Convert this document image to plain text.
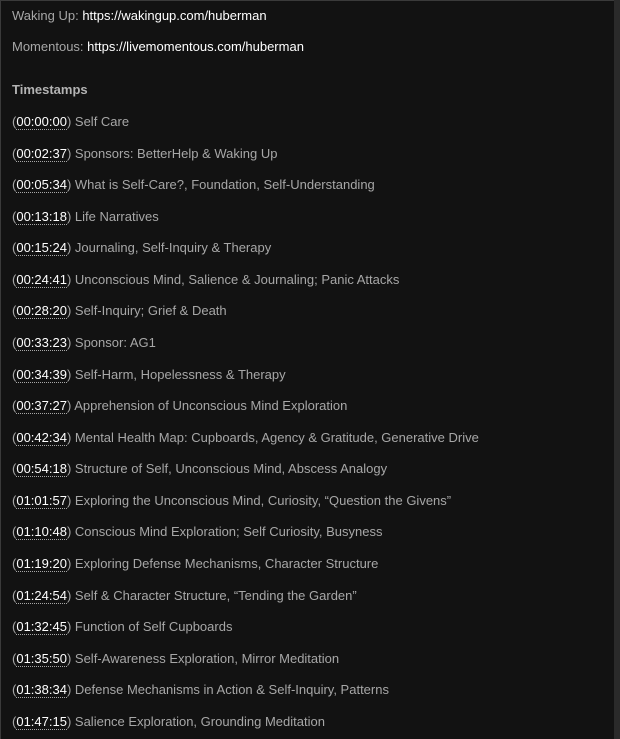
Waking Up: https://wakingup.com/huberman
Momentous: https://livemomentous.com/huberman
Timestamps
(00:00:00) Self Care
(00:02:37) Sponsors: BetterHelp & Waking Up
(00:05:34) What is Self-Care?, Foundation, Self-Understanding
(00:13:18) Life Narratives
(00:15:24) Journaling, Self-Inquiry & Therapy
(00:24:41) Unconscious Mind, Salience & Journaling; Panic Attacks
(00:28:20) Self-Inquiry; Grief & Death
(00:33:23) Sponsor: AG1
(00:34:39) Self-Harm, Hopelessness & Therapy
(00:37:27) Apprehension of Unconscious Mind Exploration
(00:42:34) Mental Health Map: Cupboards, Agency & Gratitude, Generative Drive
(00:54:18) Structure of Self, Unconscious Mind, Abscess Analogy
(01:01:57) Exploring the Unconscious Mind, Curiosity, “Question the Givens”
(01:10:48) Conscious Mind Exploration; Self Curiosity, Busyness
(01:19:20) Exploring Defense Mechanisms, Character Structure
(01:24:54) Self & Character Structure, “Tending the Garden”
(01:32:45) Function of Self Cupboards
(01:35:50) Self-Awareness Exploration, Mirror Meditation
(01:38:34) Defense Mechanisms in Action & Self-Inquiry, Patterns
(01:47:15) Salience Exploration, Grounding Meditation
